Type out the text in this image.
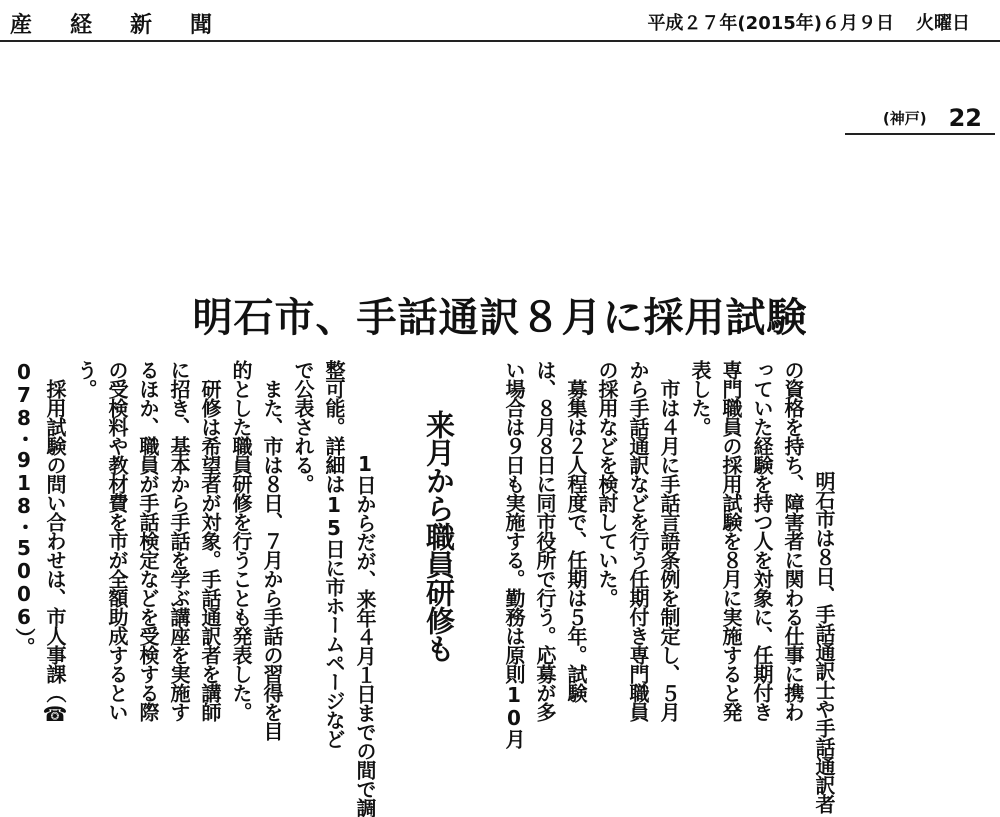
産経新聞	平成２７年(2015年)６月９日 火曜日
(神戸) 22
明石市、手話通訳８月に採用試験

　明石市は８日、手話通訳士や手話通訳者
の資格を持ち、障害者に関わる仕事に携わ
っていた経験を持つ人を対象に、任期付き
専門職員の採用試験を８月に実施すると発
表した。
　市は４月に手話言語条例を制定し、５月
から手話通訳などを行う任期付き専門職員
の採用などを検討していた。
　募集は２人程度で、任期は５年。試験
は、８月８日に同市役所で行う。応募が多
い場合は９日も実施する。勤務は原則10月

来月から職員研修も

1日からだが、来年４月１日までの間で調
整可能。詳細は15日に市ホームページなど
で公表される。
　また、市は８日、７月から手話の習得を目
的とした職員研修を行うことも発表した。
　研修は希望者が対象。手話通訳者を講師
に招き、基本から手話を学ぶ講座を実施す
るほか、職員が手話検定などを受検する際
の受検料や教材費を市が全額助成するとい
う。
　採用試験の問い合わせは、市人事課（☎
078・918・5006）。
